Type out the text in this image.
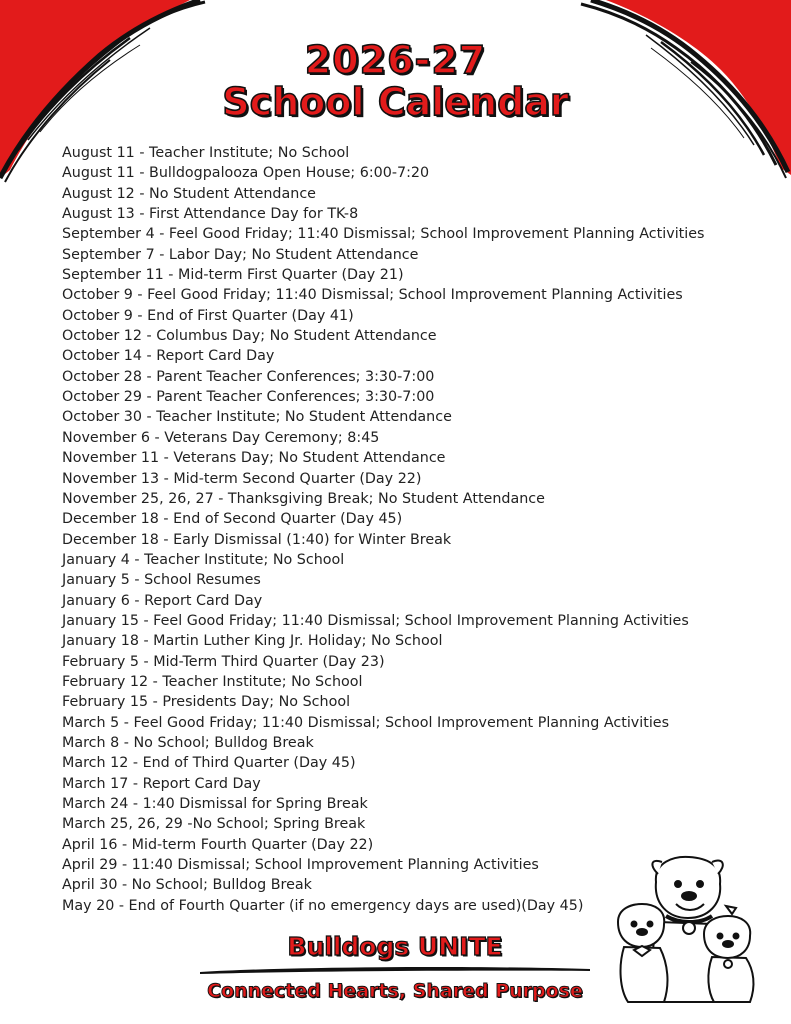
2026-27
School Calendar
August 11 - Teacher Institute; No School
August 11 - Bulldogpalooza Open House; 6:00-7:20
August 12 - No Student Attendance
August 13 - First Attendance Day for TK-8
September 4 - Feel Good Friday; 11:40 Dismissal; School Improvement Planning Activities
September 7 - Labor Day; No Student Attendance
September 11 - Mid-term First Quarter (Day 21)
October 9 - Feel Good Friday; 11:40 Dismissal; School Improvement Planning Activities
October 9 - End of First Quarter (Day 41)
October 12 - Columbus Day; No Student Attendance
October 14 - Report Card Day
October 28 - Parent Teacher Conferences; 3:30-7:00
October 29 - Parent Teacher Conferences; 3:30-7:00
October 30 - Teacher Institute; No Student Attendance
November 6 - Veterans Day Ceremony; 8:45
November 11 - Veterans Day; No Student Attendance
November 13 - Mid-term Second Quarter (Day 22)
November 25, 26, 27 - Thanksgiving Break; No Student Attendance
December 18 - End of Second Quarter (Day 45)
December 18 - Early Dismissal (1:40) for Winter Break
January 4 - Teacher Institute; No School
January 5 - School Resumes
January 6 - Report Card Day
January 15 - Feel Good Friday; 11:40 Dismissal; School Improvement Planning Activities
January 18 - Martin Luther King Jr. Holiday; No School
February 5 - Mid-Term Third Quarter (Day 23)
February 12 - Teacher Institute; No School
February 15 - Presidents Day; No School
March 5 - Feel Good Friday; 11:40 Dismissal; School Improvement Planning Activities
March 8 - No School; Bulldog Break
March 12 - End of Third Quarter (Day 45)
March 17 - Report Card Day
March 24 - 1:40 Dismissal for Spring Break
March 25, 26, 29 -No School; Spring Break
April 16 - Mid-term Fourth Quarter (Day 22)
April 29 - 11:40 Dismissal; School Improvement Planning Activities
April 30 - No School; Bulldog Break
May 20 - End of Fourth Quarter (if no emergency days are used)(Day 45)
Bulldogs UNITE
Connected Hearts, Shared Purpose
